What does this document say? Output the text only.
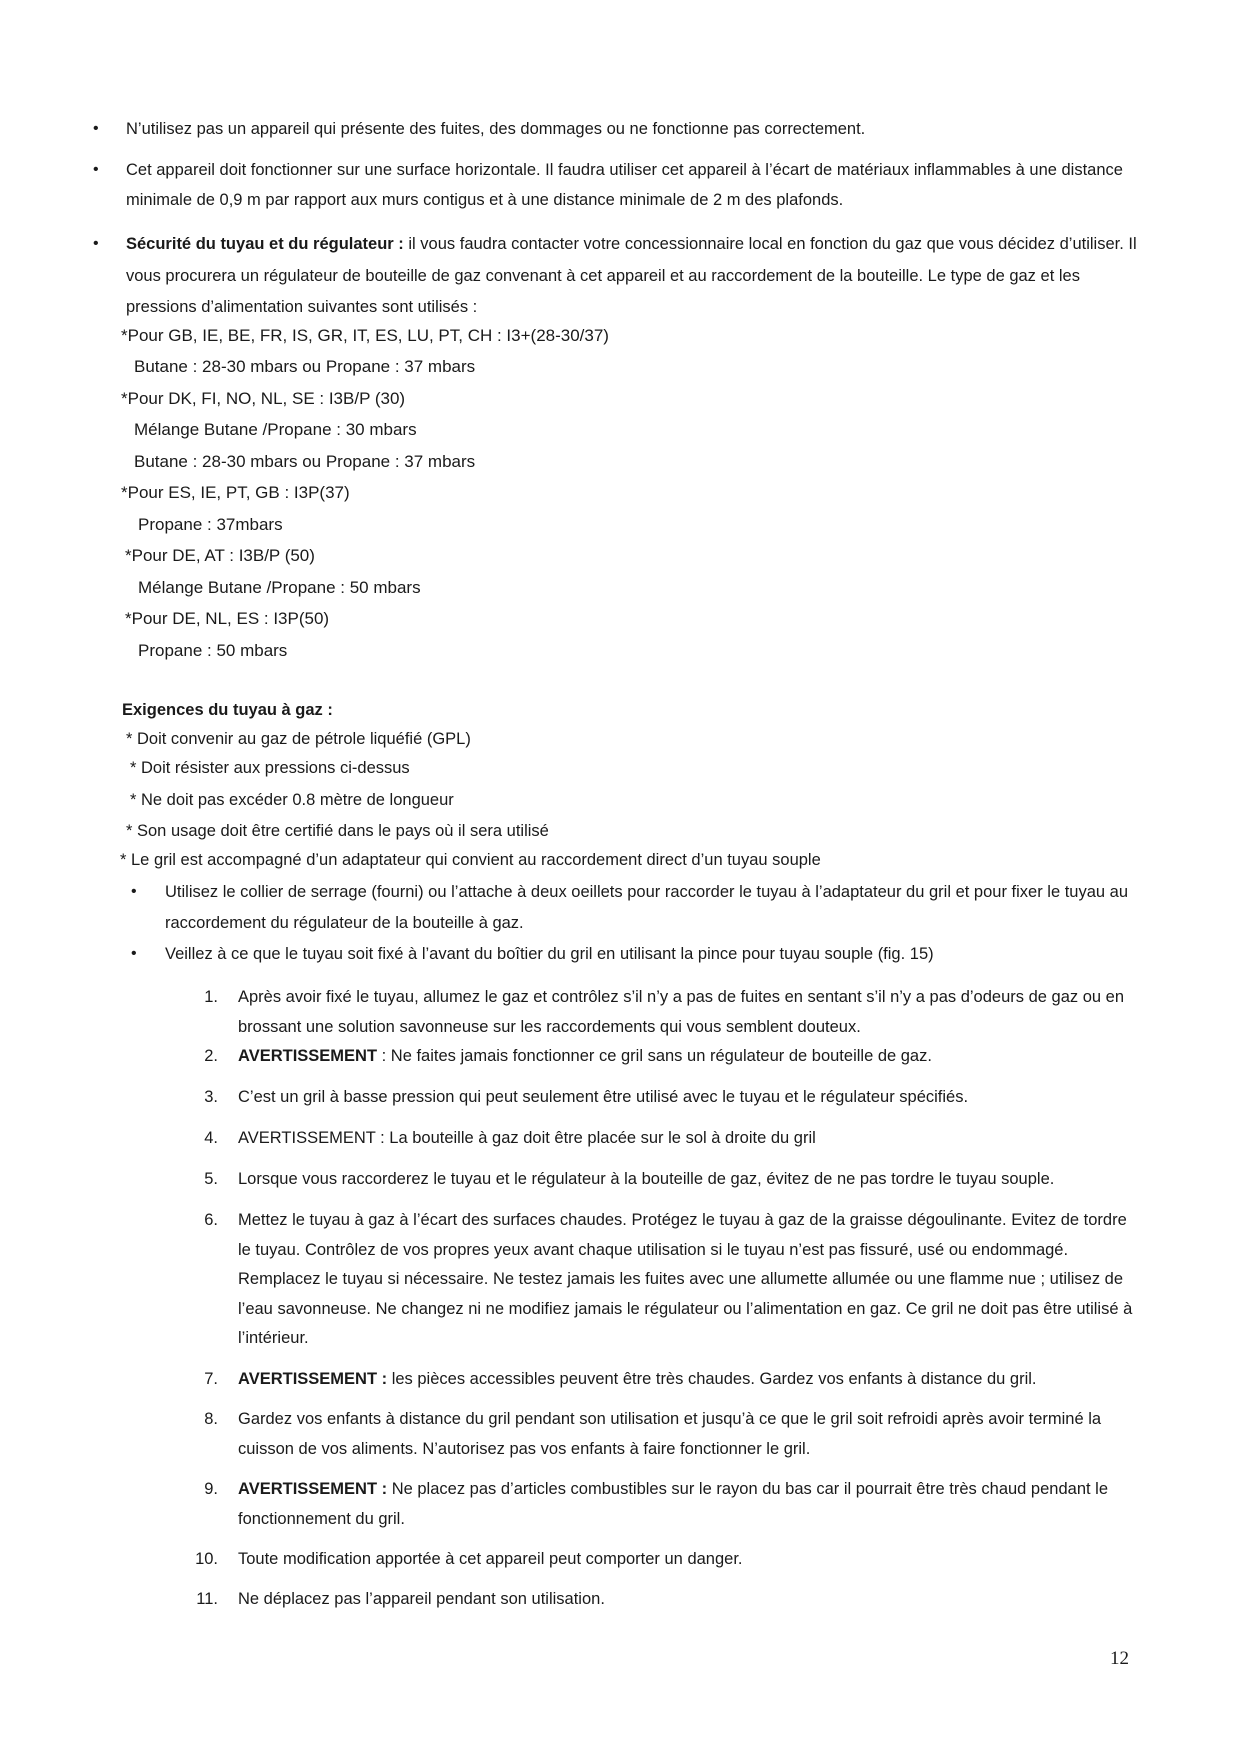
• N’utilisez pas un appareil qui présente des fuites, des dommages ou ne fonctionne pas correctement.
• Cet appareil doit fonctionner sur une surface horizontale. Il faudra utiliser cet appareil à l’écart de matériaux inflammables à une distance minimale de 0,9 m par rapport aux murs contigus et à une distance minimale de 2 m des plafonds.
• Sécurité du tuyau et du régulateur : il vous faudra contacter votre concessionnaire local en fonction du gaz que vous décidez d’utiliser. Il vous procurera un régulateur de bouteille de gaz convenant à cet appareil et au raccordement de la bouteille. Le type de gaz et les pressions d’alimentation suivantes sont utilisés :
*Pour GB, IE, BE, FR, IS, GR, IT, ES, LU, PT, CH : I3+(28-30/37)
Butane : 28-30 mbars ou Propane : 37 mbars
*Pour DK, FI, NO, NL, SE : I3B/P (30)
Mélange Butane /Propane : 30 mbars
Butane : 28-30 mbars ou Propane : 37 mbars
*Pour ES, IE, PT, GB : I3P(37)
Propane : 37mbars
*Pour DE, AT : I3B/P (50)
Mélange Butane /Propane : 50 mbars
*Pour DE, NL, ES : I3P(50)
Propane : 50 mbars
Exigences du tuyau à gaz :
* Doit convenir au gaz de pétrole liquéfié (GPL)
* Doit résister aux pressions ci-dessus
* Ne doit pas excéder 0.8 mètre de longueur
* Son usage doit être certifié dans le pays où il sera utilisé
* Le gril est accompagné d’un adaptateur qui convient au raccordement direct d’un tuyau souple
• Utilisez le collier de serrage (fourni) ou l’attache à deux oeillets pour raccorder le tuyau à l’adaptateur du gril et pour fixer le tuyau au raccordement du régulateur de la bouteille à gaz.
• Veillez à ce que le tuyau soit fixé à l’avant du boîtier du gril en utilisant la pince pour tuyau souple (fig. 15)
1. Après avoir fixé le tuyau, allumez le gaz et contrôlez s’il n’y a pas de fuites en sentant s’il n’y a pas d’odeurs de gaz ou en brossant une solution savonneuse sur les raccordements qui vous semblent douteux.
2. AVERTISSEMENT : Ne faites jamais fonctionner ce gril sans un régulateur de bouteille de gaz.
3. C’est un gril à basse pression qui peut seulement être utilisé avec le tuyau et le régulateur spécifiés.
4. AVERTISSEMENT : La bouteille à gaz doit être placée sur le sol à droite du gril
5. Lorsque vous raccorderez le tuyau et le régulateur à la bouteille de gaz, évitez de ne pas tordre le tuyau souple.
6. Mettez le tuyau à gaz à l’écart des surfaces chaudes. Protégez le tuyau à gaz de la graisse dégoulinante. Evitez de tordre le tuyau. Contrôlez de vos propres yeux avant chaque utilisation si le tuyau n’est pas fissuré, usé ou endommagé. Remplacez le tuyau si nécessaire. Ne testez jamais les fuites avec une allumette allumée ou une flamme nue ; utilisez de l’eau savonneuse. Ne changez ni ne modifiez jamais le régulateur ou l’alimentation en gaz. Ce gril ne doit pas être utilisé à l’intérieur.
7. AVERTISSEMENT : les pièces accessibles peuvent être très chaudes. Gardez vos enfants à distance du gril.
8. Gardez vos enfants à distance du gril pendant son utilisation et jusqu’à ce que le gril soit refroidi après avoir terminé la cuisson de vos aliments. N’autorisez pas vos enfants à faire fonctionner le gril.
9. AVERTISSEMENT : Ne placez pas d’articles combustibles sur le rayon du bas car il pourrait être très chaud pendant le fonctionnement du gril.
10. Toute modification apportée à cet appareil peut comporter un danger.
11. Ne déplacez pas l’appareil pendant son utilisation.
12
